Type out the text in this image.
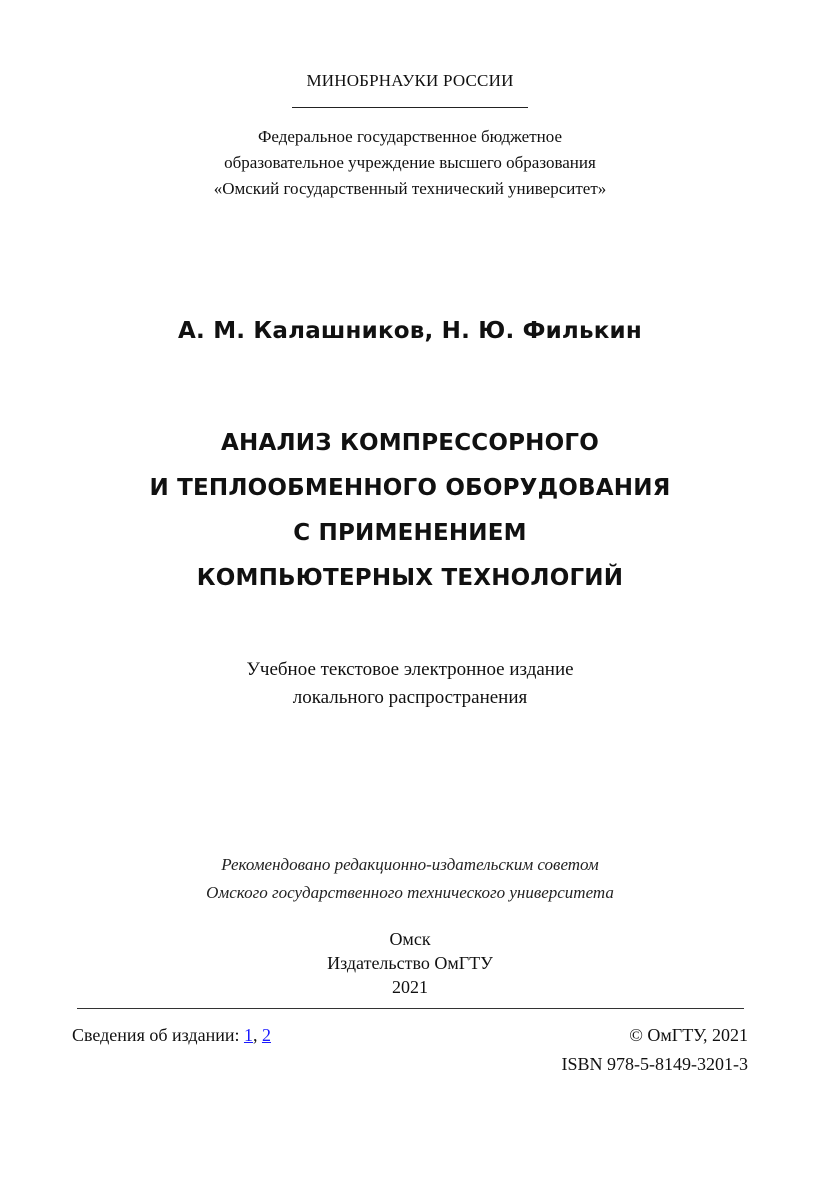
МИНОБРНАУКИ РОССИИ
Федеральное государственное бюджетное
образовательное учреждение высшего образования
«Омский государственный технический университет»
А. М. Калашников, Н. Ю. Филькин
АНАЛИЗ КОМПРЕССОРНОГО
И ТЕПЛООБМЕННОГО ОБОРУДОВАНИЯ
С ПРИМЕНЕНИЕМ
КОМПЬЮТЕРНЫХ ТЕХНОЛОГИЙ
Учебное текстовое электронное издание
локального распространения
Рекомендовано редакционно-издательским советом
Омского государственного технического университета
Омск
Издательство ОмГТУ
2021
Сведения об издании: 1, 2	© ОмГТУ, 2021
ISBN 978-5-8149-3201-3
